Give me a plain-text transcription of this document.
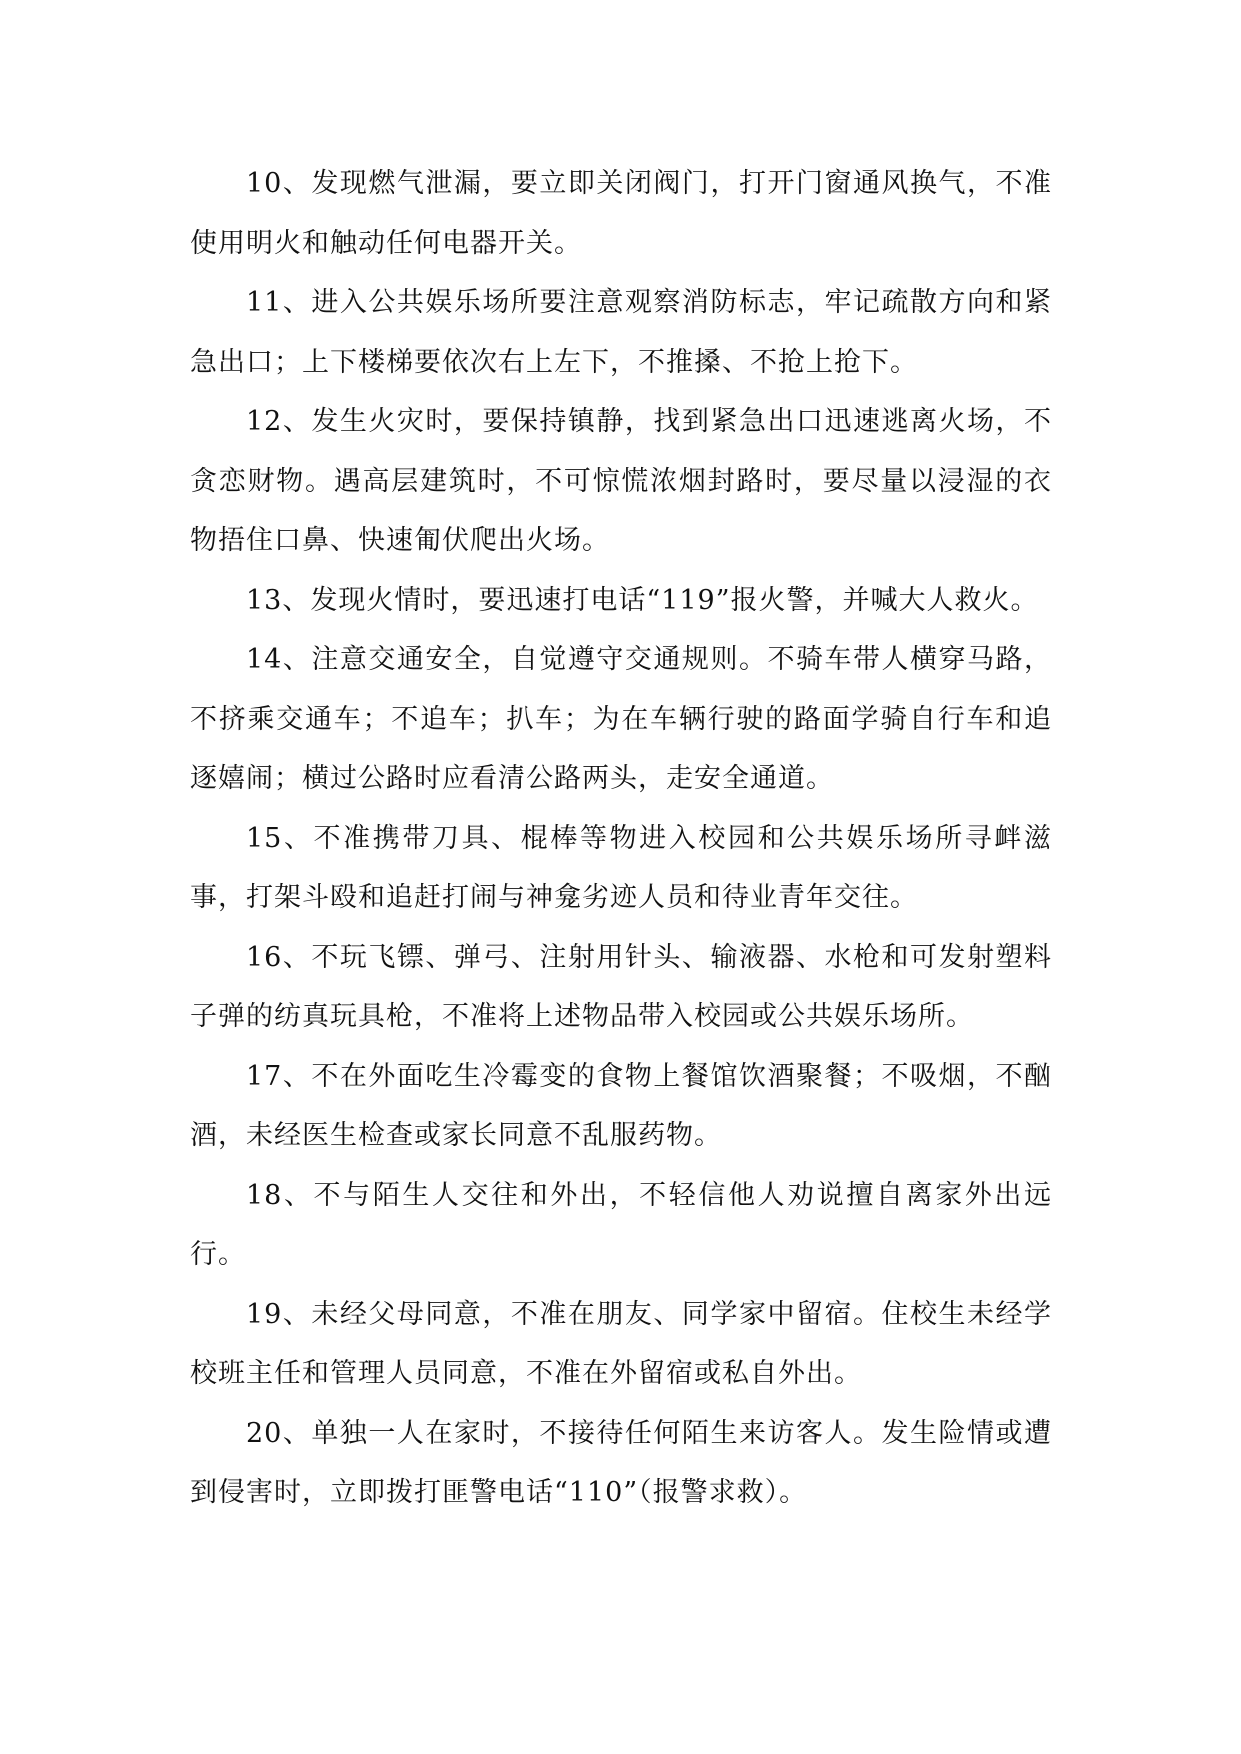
10、发现燃气泄漏，要立即关闭阀门，打开门窗通风换气，不准使用明火和触动任何电器开关。

11、进入公共娱乐场所要注意观察消防标志，牢记疏散方向和紧急出口；上下楼梯要依次右上左下，不推搡、不抢上抢下。

12、发生火灾时，要保持镇静，找到紧急出口迅速逃离火场，不贪恋财物。遇高层建筑时，不可惊慌浓烟封路时，要尽量以浸湿的衣物捂住口鼻、快速匍伏爬出火场。

13、发现火情时，要迅速打电话“119”报火警，并喊大人救火。

14、注意交通安全，自觉遵守交通规则。不骑车带人横穿马路，不挤乘交通车；不追车；扒车；为在车辆行驶的路面学骑自行车和追逐嬉闹；横过公路时应看清公路两头，走安全通道。

15、不准携带刀具、棍棒等物进入校园和公共娱乐场所寻衅滋事，打架斗殴和追赶打闹与神龛劣迹人员和待业青年交往。

16、不玩飞镖、弹弓、注射用针头、输液器、水枪和可发射塑料子弹的纺真玩具枪，不准将上述物品带入校园或公共娱乐场所。

17、不在外面吃生冷霉变的食物上餐馆饮酒聚餐；不吸烟，不酗酒，未经医生检查或家长同意不乱服药物。

18、不与陌生人交往和外出，不轻信他人劝说擅自离家外出远行。

19、未经父母同意，不准在朋友、同学家中留宿。住校生未经学校班主任和管理人员同意，不准在外留宿或私自外出。

20、单独一人在家时，不接待任何陌生来访客人。发生险情或遭到侵害时，立即拨打匪警电话“110”（报警求救）。
